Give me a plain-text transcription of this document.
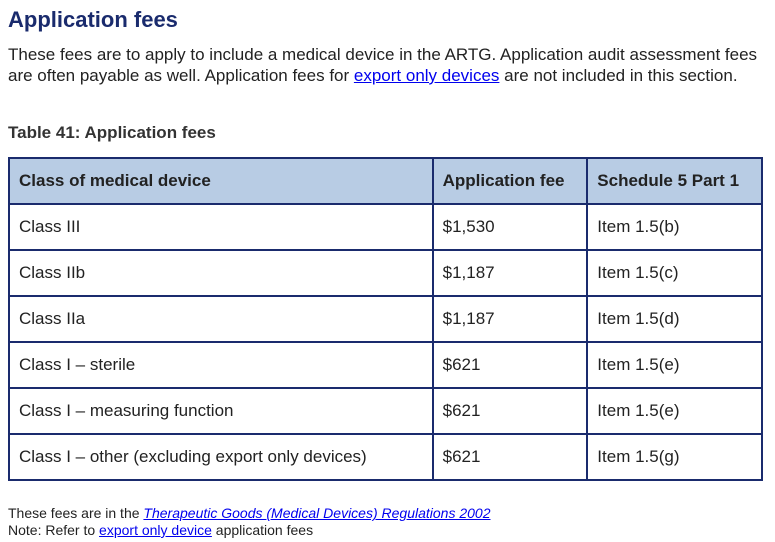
Application fees

These fees are to apply to include a medical device in the ARTG. Application audit assessment fees are often payable as well. Application fees for export only devices are not included in this section.

Table 41: Application fees

Class of medical device	Application fee	Schedule 5 Part 1
Class III	$1,530	Item 1.5(b)
Class IIb	$1,187	Item 1.5(c)
Class IIa	$1,187	Item 1.5(d)
Class I – sterile	$621	Item 1.5(e)
Class I – measuring function	$621	Item 1.5(e)
Class I – other (excluding export only devices)	$621	Item 1.5(g)
These fees are in the Therapeutic Goods (Medical Devices) Regulations 2002
Note: Refer to export only device application fees
